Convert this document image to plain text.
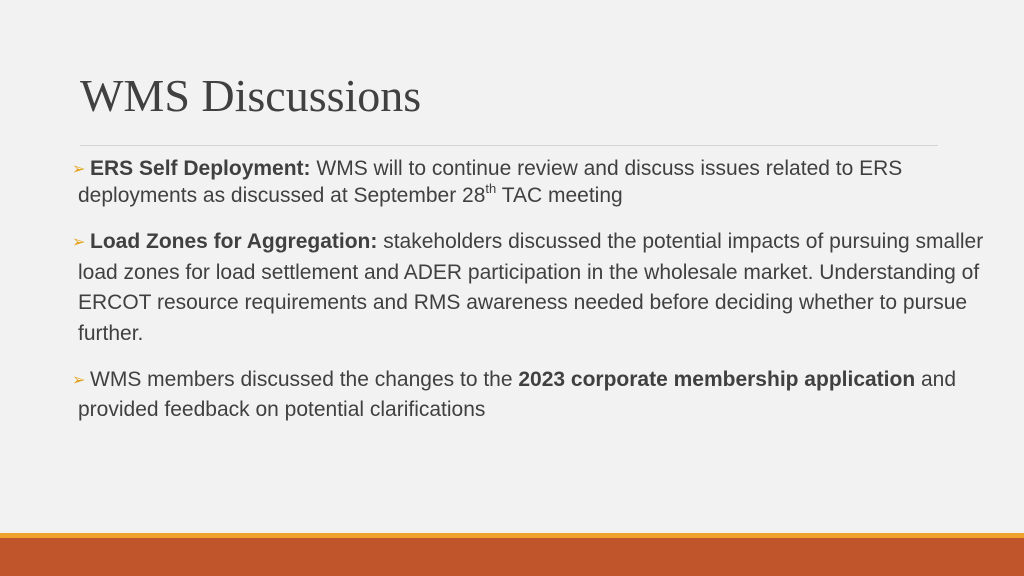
WMS Discussions
➢ ERS Self Deployment: WMS will to continue review and discuss issues related to ERS deployments as discussed at September 28th TAC meeting
➢ Load Zones for Aggregation: stakeholders discussed the potential impacts of pursuing smaller load zones for load settlement and ADER participation in the wholesale market. Understanding of ERCOT resource requirements and RMS awareness needed before deciding whether to pursue further.
➢ WMS members discussed the changes to the 2023 corporate membership application and provided feedback on potential clarifications
